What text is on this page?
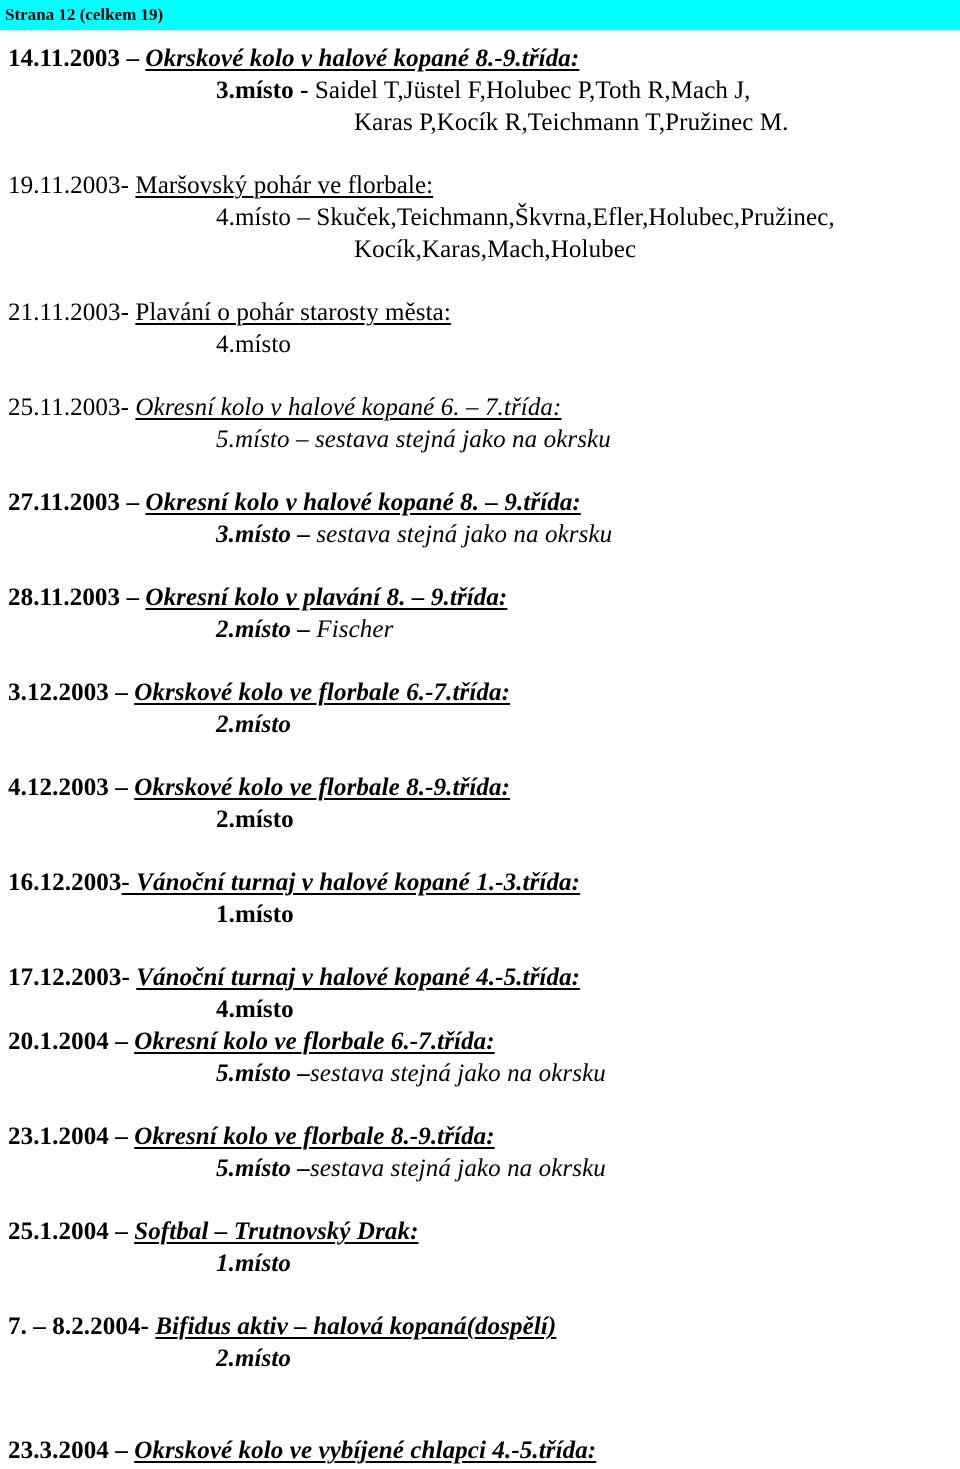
Strana 12 (celkem 19)
14.11.2003 – Okrskové kolo v halové kopané 8.-9.třída:
3.místo - Saidel T,Jüstel F,Holubec P,Toth R,Mach J,
Karas P,Kocík R,Teichmann T,Pružinec M.
19.11.2003- Maršovský pohár ve florbale:
4.místo – Skuček,Teichmann,Škvrna,Efler,Holubec,Pružinec,
Kocík,Karas,Mach,Holubec
21.11.2003- Plavání o pohár starosty města:
4.místo
25.11.2003- Okresní kolo v halové kopané 6. – 7.třída:
5.místo – sestava stejná jako na okrsku
27.11.2003 – Okresní kolo v halové kopané 8. – 9.třída:
3.místo – sestava stejná jako na okrsku
28.11.2003 – Okresní kolo v plavání 8. – 9.třída:
2.místo – Fischer
3.12.2003 – Okrskové kolo ve florbale 6.-7.třída:
2.místo
4.12.2003 – Okrskové kolo ve florbale 8.-9.třída:
2.místo
16.12.2003- Vánoční turnaj v halové kopané 1.-3.třída:
1.místo
17.12.2003- Vánoční turnaj v halové kopané 4.-5.třída:
4.místo
20.1.2004 – Okresní kolo ve florbale 6.-7.třída:
5.místo –sestava stejná jako na okrsku
23.1.2004 – Okresní kolo ve florbale 8.-9.třída:
5.místo –sestava stejná jako na okrsku
25.1.2004 – Softbal – Trutnovský Drak:
1.místo
7. – 8.2.2004- Bifidus aktiv – halová kopaná(dospělí)
2.místo
23.3.2004 – Okrskové kolo ve vybíjené chlapci 4.-5.třída:
